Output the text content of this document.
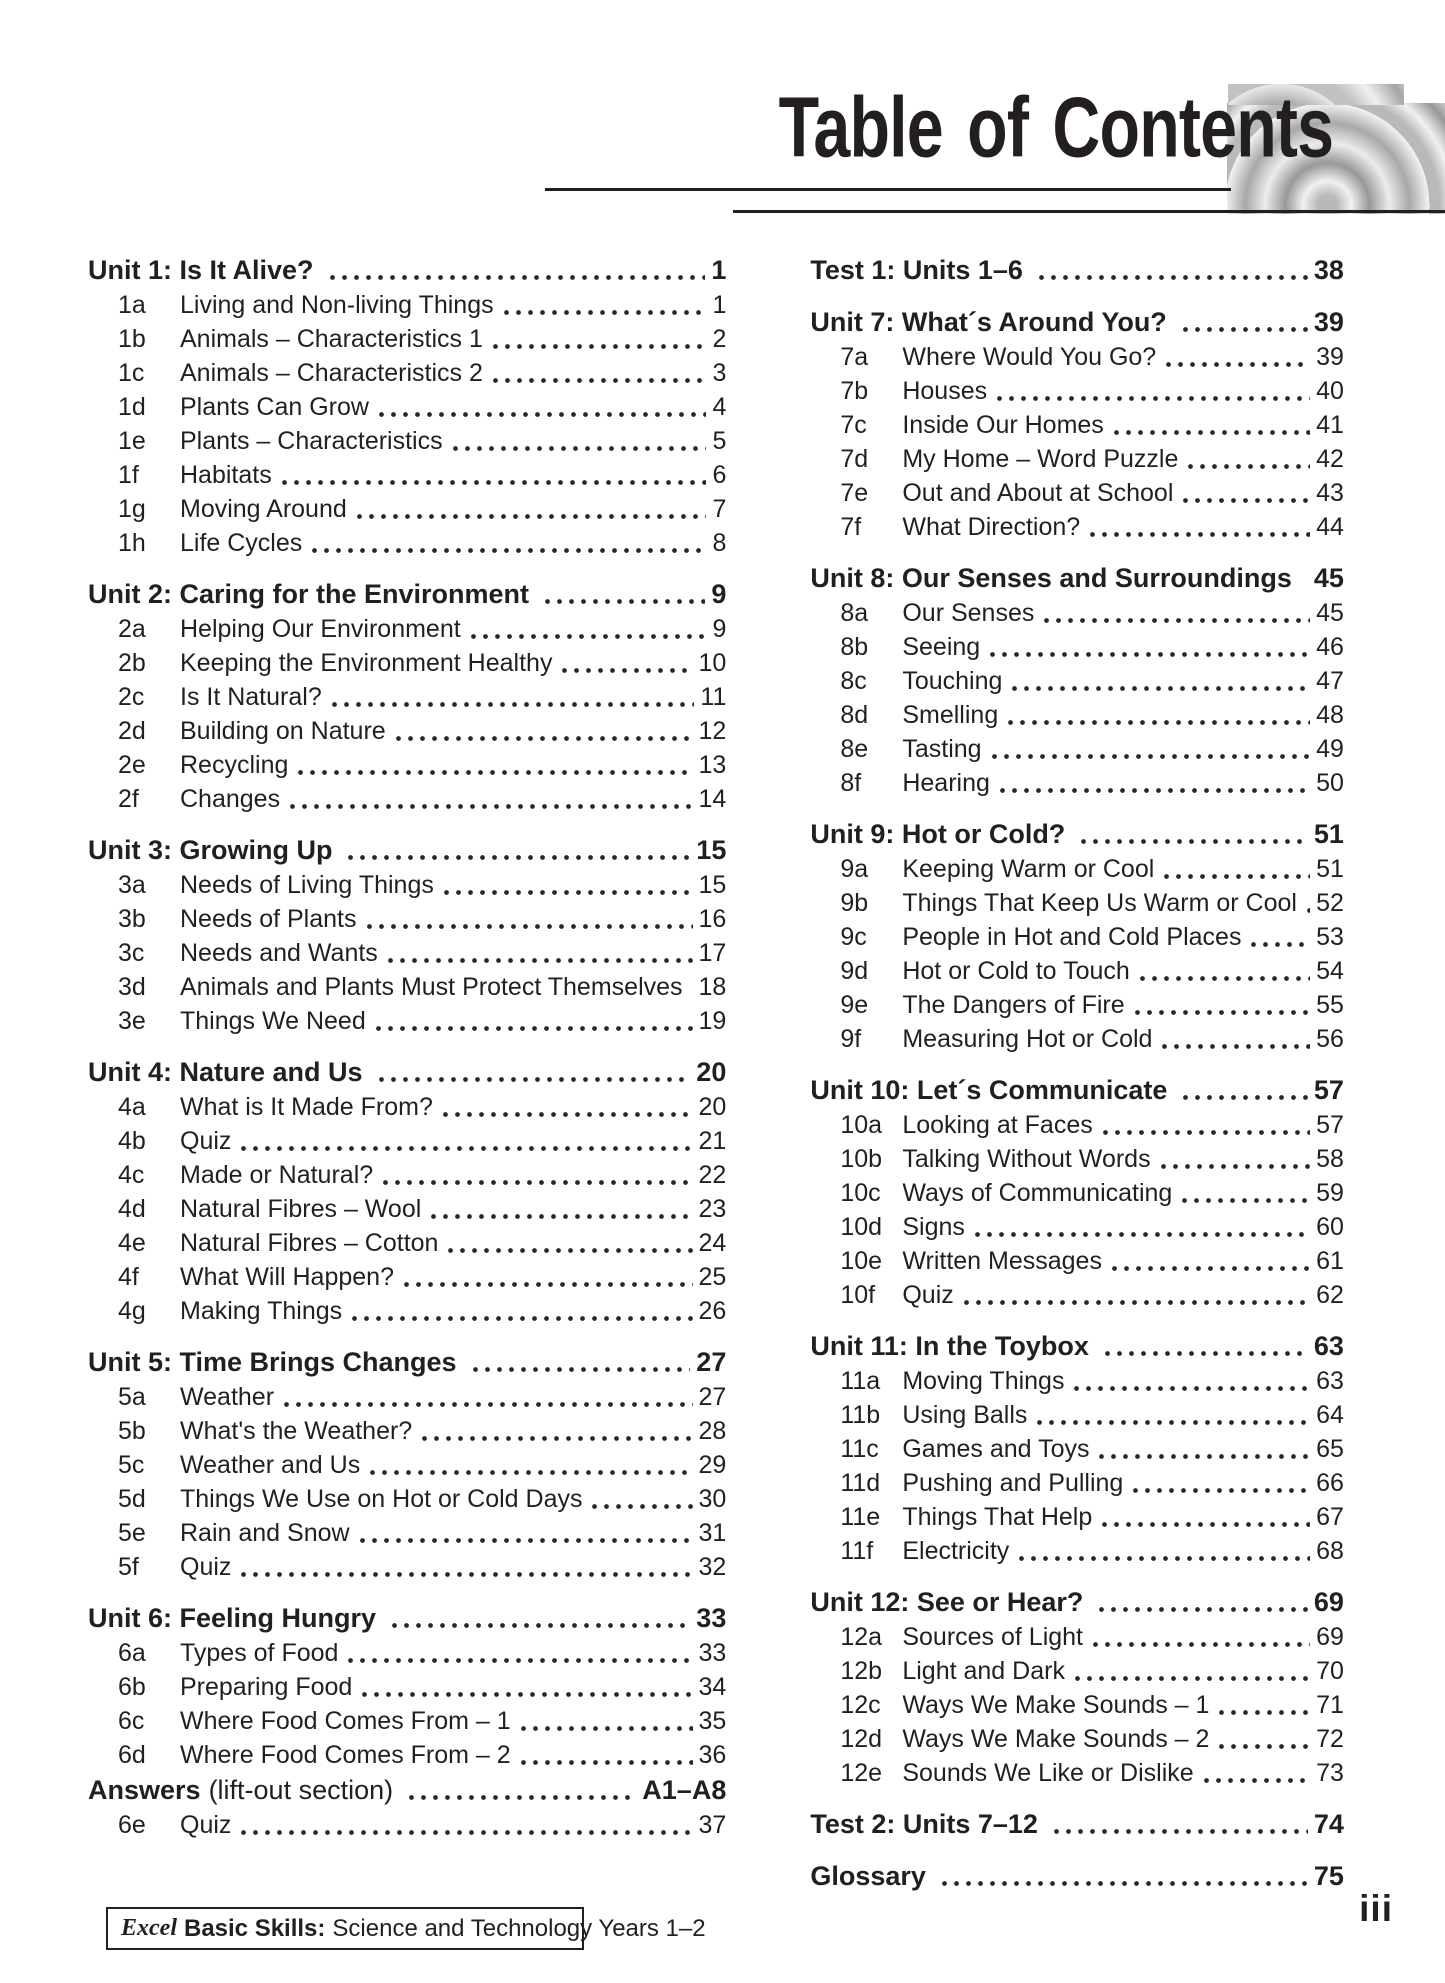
Table of Contents
Unit 1: Is It Alive?	1
1a	Living and Non-living Things	1
1b	Animals – Characteristics 1	2
1c	Animals – Characteristics 2	3
1d	Plants Can Grow	4
1e	Plants – Characteristics	5
1f	Habitats	6
1g	Moving Around	7
1h	Life Cycles	8
Unit 2: Caring for the Environment	9
2a	Helping Our Environment	9
2b	Keeping the Environment Healthy	10
2c	Is It Natural?	11
2d	Building on Nature	12
2e	Recycling	13
2f	Changes	14
Unit 3: Growing Up	15
3a	Needs of Living Things	15
3b	Needs of Plants	16
3c	Needs and Wants	17
3d	Animals and Plants Must Protect Themselves 18
3e	Things We Need	19
Unit 4: Nature and Us	20
4a	What is It Made From?	20
4b	Quiz	21
4c	Made or Natural?	22
4d	Natural Fibres – Wool	23
4e	Natural Fibres – Cotton	24
4f	What Will Happen?	25
4g	Making Things	26
Unit 5: Time Brings Changes	27
5a	Weather	27
5b	What's the Weather?	28
5c	Weather and Us	29
5d	Things We Use on Hot or Cold Days	30
5e	Rain and Snow	31
5f	Quiz	32
Unit 6: Feeling Hungry	33
6a	Types of Food	33
6b	Preparing Food	34
6c	Where Food Comes From – 1	35
6d	Where Food Comes From – 2	36
Answers (lift-out section)	A1–A8
6e	Quiz	37
Test 1: Units 1–6	38
Unit 7: What´s Around You?	39
7a	Where Would You Go?	39
7b	Houses	40
7c	Inside Our Homes	41
7d	My Home – Word Puzzle	42
7e	Out and About at School	43
7f	What Direction?	44
Unit 8: Our Senses and Surroundings 45
8a	Our Senses	45
8b	Seeing	46
8c	Touching	47
8d	Smelling	48
8e	Tasting	49
8f	Hearing	50
Unit 9: Hot or Cold?	51
9a	Keeping Warm or Cool	51
9b	Things That Keep Us Warm or Cool 52
9c	People in Hot and Cold Places	53
9d	Hot or Cold to Touch	54
9e	The Dangers of Fire	55
9f	Measuring Hot or Cold	56
Unit 10: Let´s Communicate	57
10a Looking at Faces	57
10b Talking Without Words	58
10c Ways of Communicating	59
10d Signs	60
10e Written Messages	61
10f	Quiz	62
Unit 11: In the Toybox	63
11a Moving Things	63
11b Using Balls	64
11c Games and Toys	65
11d Pushing and Pulling	66
11e Things That Help	67
11f	Electricity	68
Unit 12: See or Hear?	69
12a Sources of Light	69
12b Light and Dark	70
12c Ways We Make Sounds – 1	71
12d Ways We Make Sounds – 2	72
12e Sounds We Like or Dislike	73
Test 2: Units 7–12	74
Glossary	75
Excel Basic Skills: Science and Technology Years 1–2	iii
